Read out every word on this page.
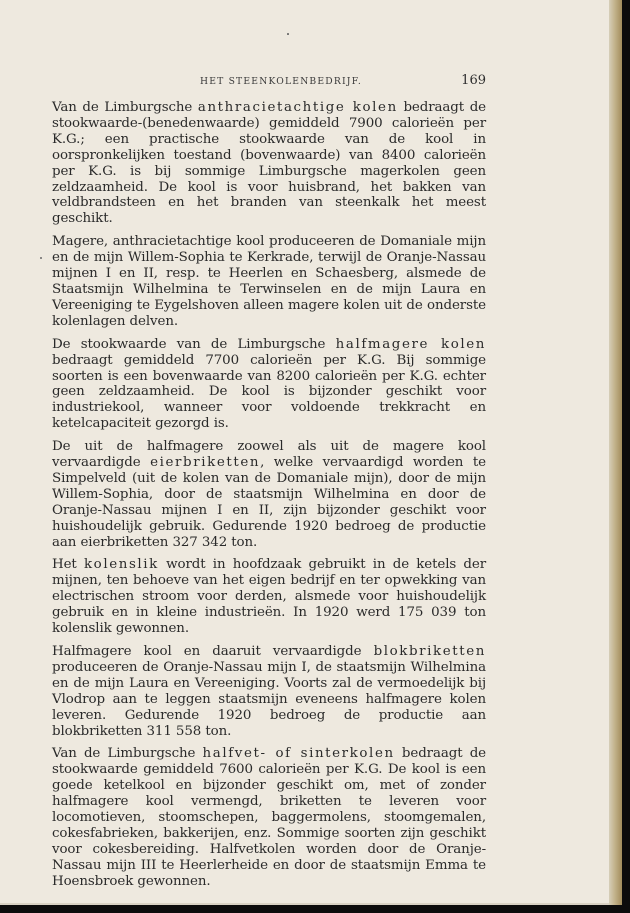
HET STEENKOLENBEDRIJF.	169

Van de Limburgsche anthracietachtige kolen bedraagt de stookwaarde-(benedenwaarde) gemiddeld 7900 calorieën per K.G.; een practische stookwaarde van de kool in oorspronkelijken toestand (bovenwaarde) van 8400 calorieën per K.G. is bij sommige Limburgsche magerkolen geen zeldzaamheid. De kool is voor huisbrand, het bakken van veldbrandsteen en het branden van steenkalk het meest geschikt.

Magere, anthracietachtige kool produceeren de Domaniale mijn en de mijn Willem-Sophia te Kerkrade, terwijl de Oranje-Nassau mijnen I en II, resp. te Heerlen en Schaesberg, alsmede de Staatsmijn Wilhelmina te Terwinselen en de mijn Laura en Vereeniging te Eygelshoven alleen magere kolen uit de onderste kolenlagen delven.

De stookwaarde van de Limburgsche halfmagere kolen bedraagt gemiddeld 7700 calorieën per K.G. Bij sommige soorten is een bovenwaarde van 8200 calorieën per K.G. echter geen zeldzaamheid. De kool is bijzonder geschikt voor industriekool, wanneer voor voldoende trekkracht en ketelcapaciteit gezorgd is.

De uit de halfmagere zoowel als uit de magere kool vervaardigde eierbriketten, welke vervaardigd worden te Simpelveld (uit de kolen van de Domaniale mijn), door de mijn Willem-Sophia, door de staatsmijn Wilhelmina en door de Oranje-Nassau mijnen I en II, zijn bijzonder geschikt voor huishoudelijk gebruik. Gedurende 1920 bedroeg de productie aan eierbriketten 327 342 ton.

Het kolenslik wordt in hoofdzaak gebruikt in de ketels der mijnen, ten behoeve van het eigen bedrijf en ter opwekking van electrischen stroom voor derden, alsmede voor huishoudelijk gebruik en in kleine industrieën. In 1920 werd 175 039 ton kolenslik gewonnen.

Halfmagere kool en daaruit vervaardigde blokbriketten produceeren de Oranje-Nassau mijn I, de staatsmijn Wilhelmina en de mijn Laura en Vereeniging. Voorts zal de vermoedelijk bij Vlodrop aan te leggen staatsmijn eveneens halfmagere kolen leveren. Gedurende 1920 bedroeg de productie aan blokbriketten 311 558 ton.

Van de Limburgsche halfvet- of sinterkolen bedraagt de stookwaarde gemiddeld 7600 calorieën per K.G. De kool is een goede ketelkool en bijzonder geschikt om, met of zonder halfmagere kool vermengd, briketten te leveren voor locomotieven, stoomschepen, baggermolens, stoomgemalen, cokesfabrieken, bakkerijen, enz. Sommige soorten zijn geschikt voor cokesbereiding. Halfvetkolen worden door de Oranje-Nassau mijn III te Heerlerheide en door de staatsmijn Emma te Hoensbroek gewonnen.
